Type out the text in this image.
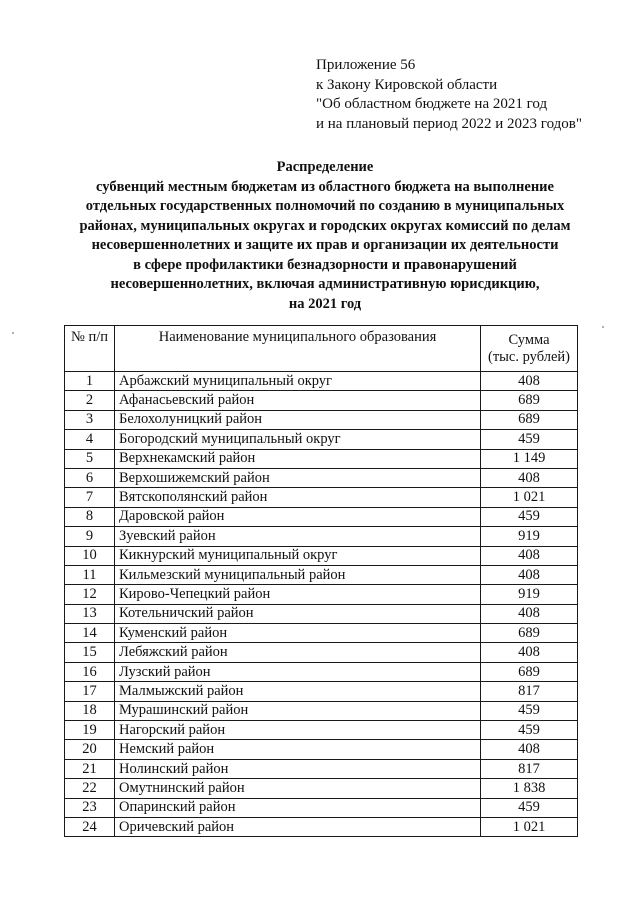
Приложение 56
к Закону Кировской области
"Об областном бюджете на 2021 год
и на плановый период 2022 и 2023 годов"
Распределение
субвенций местным бюджетам из областного бюджета на выполнение
отдельных государственных полномочий по созданию в муниципальных
районах, муниципальных округах и городских округах комиссий по делам
несовершеннолетних и защите их прав и организации их деятельности
в сфере профилактики безнадзорности и правонарушений
несовершеннолетних, включая административную юрисдикцию,
на 2021 год
№ п/п	Наименование муниципального образования	Сумма
(тыс. рублей)

1	Арбажский муниципальный округ	408
2	Афанасьевский район	689
3	Белохолуницкий район	689
4	Богородский муниципальный округ	459
5	Верхнекамский район	1 149
6	Верхошижемский район	408
7	Вятскополянский район	1 021
8	Даровской район	459
9	Зуевский район	919
10	Кикнурский муниципальный округ	408
11	Кильмезский муниципальный район	408
12	Кирово-Чепецкий район	919
13	Котельничский район	408
14	Куменский район	689
15	Лебяжский район	408
16	Лузский район	689
17	Малмыжский район	817
18	Мурашинский район	459
19	Нагорский район	459
20	Немский район	408
21	Нолинский район	817
22	Омутнинский район	1 838
23	Опаринский район	459
24	Оричевский район	1 021
